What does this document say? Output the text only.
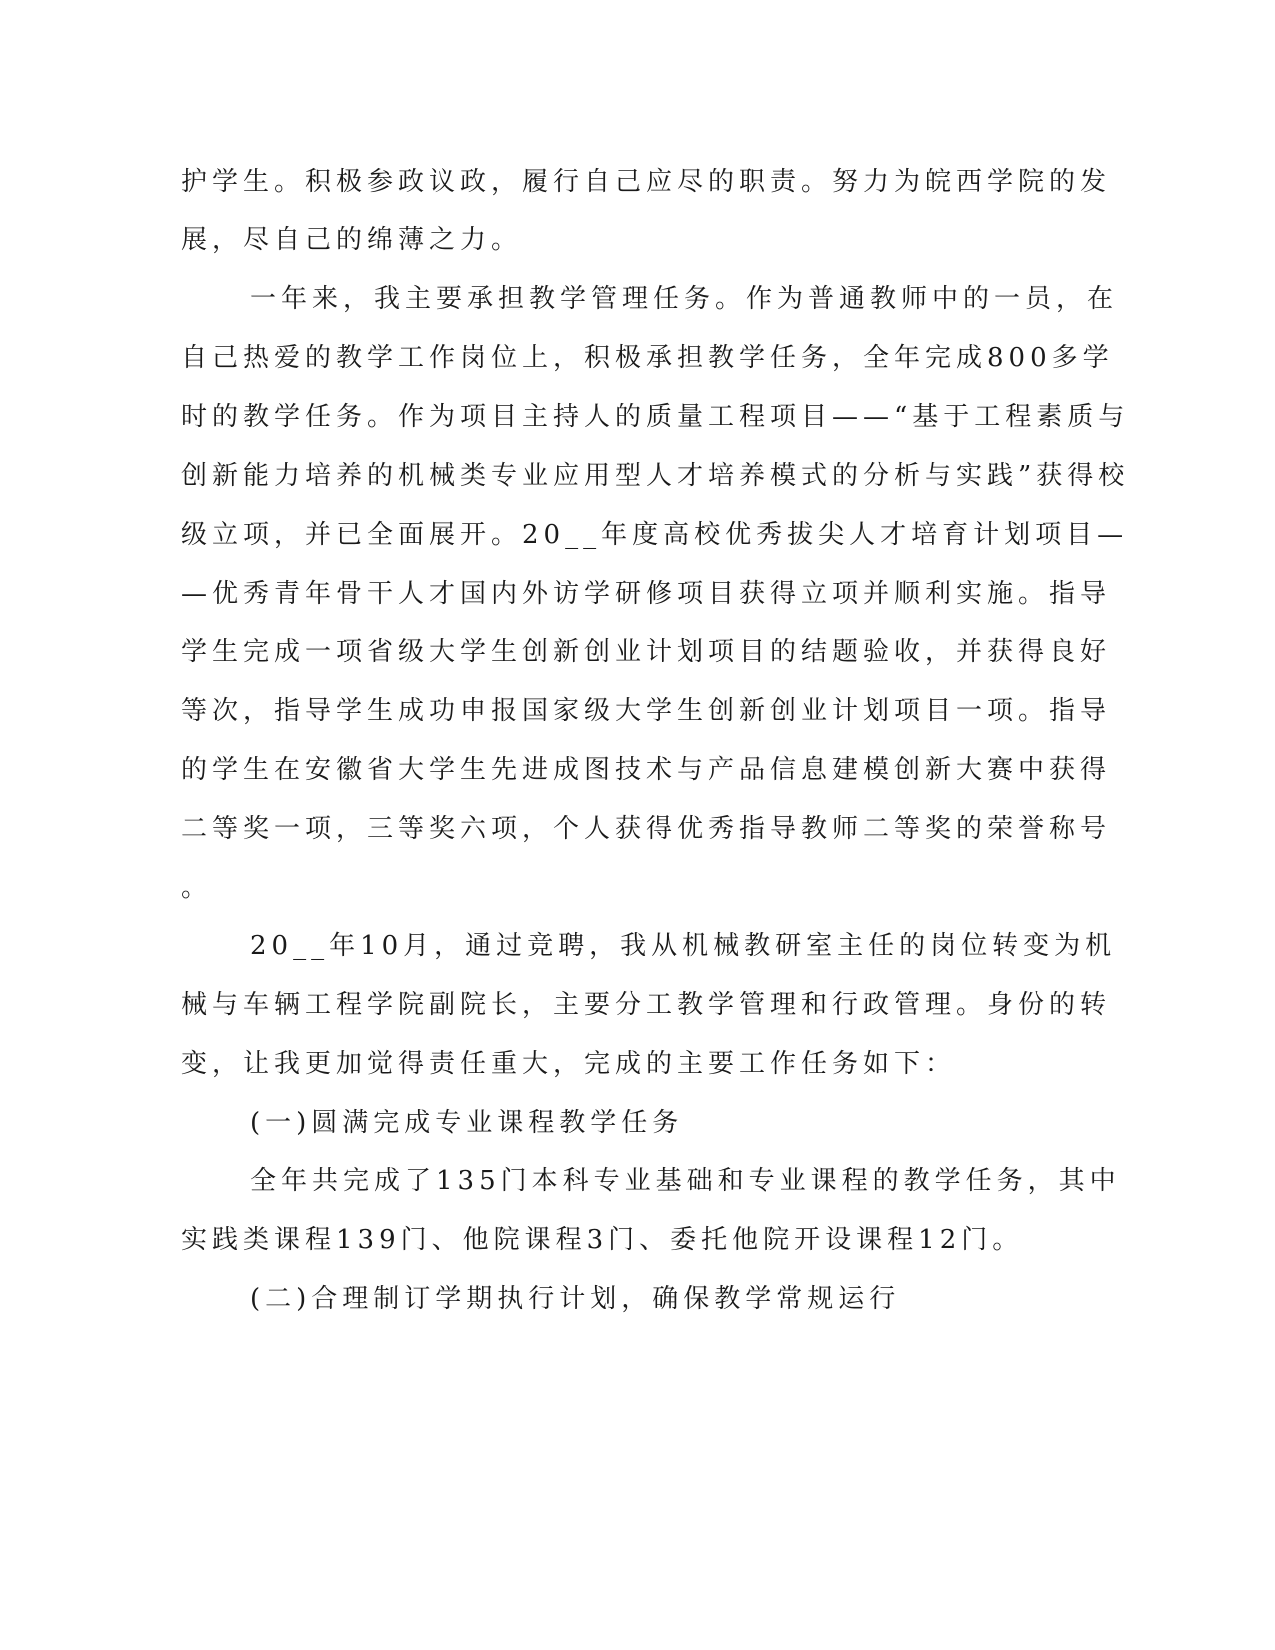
护学生。积极参政议政，履行自己应尽的职责。努力为皖西学院的发
展，尽自己的绵薄之力。
一年来，我主要承担教学管理任务。作为普通教师中的一员，在
自己热爱的教学工作岗位上，积极承担教学任务，全年完成800多学
时的教学任务。作为项目主持人的质量工程项目——“基于工程素质与
创新能力培养的机械类专业应用型人才培养模式的分析与实践”获得校
级立项，并已全面展开。20__年度高校优秀拔尖人才培育计划项目—
—优秀青年骨干人才国内外访学研修项目获得立项并顺利实施。指导
学生完成一项省级大学生创新创业计划项目的结题验收，并获得良好
等次，指导学生成功申报国家级大学生创新创业计划项目一项。指导
的学生在安徽省大学生先进成图技术与产品信息建模创新大赛中获得
二等奖一项，三等奖六项，个人获得优秀指导教师二等奖的荣誉称号
。
20__年10月，通过竞聘，我从机械教研室主任的岗位转变为机
械与车辆工程学院副院长，主要分工教学管理和行政管理。身份的转
变，让我更加觉得责任重大，完成的主要工作任务如下：
(一)圆满完成专业课程教学任务
全年共完成了135门本科专业基础和专业课程的教学任务，其中
实践类课程139门、他院课程3门、委托他院开设课程12门。
(二)合理制订学期执行计划，确保教学常规运行
